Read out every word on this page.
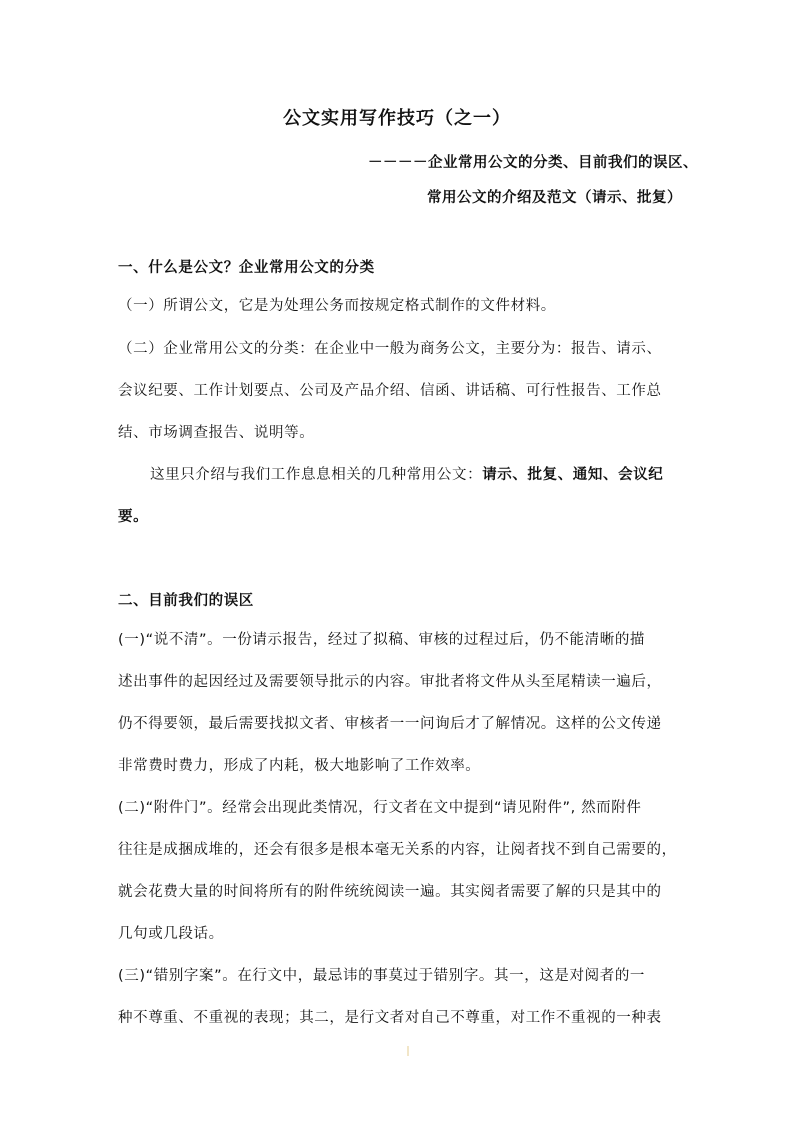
公文实用写作技巧（之一）
－－－－企业常用公文的分类、目前我们的误区、
常用公文的介绍及范文（请示、批复）
一、什么是公文？企业常用公文的分类
（一）所谓公文，它是为处理公务而按规定格式制作的文件材料。
（二）企业常用公文的分类：在企业中一般为商务公文，主要分为：报告、请示、
会议纪要、工作计划要点、公司及产品介绍、信函、讲话稿、可行性报告、工作总
结、市场调查报告、说明等。
这里只介绍与我们工作息息相关的几种常用公文：请示、批复、通知、会议纪
要。
二、目前我们的误区
(一)“说不清”。一份请示报告，经过了拟稿、审核的过程过后，仍不能清晰的描
述出事件的起因经过及需要领导批示的内容。审批者将文件从头至尾精读一遍后，
仍不得要领，最后需要找拟文者、审核者一一问询后才了解情况。这样的公文传递
非常费时费力，形成了内耗，极大地影响了工作效率。
(二)“附件门”。经常会出现此类情况，行文者在文中提到“请见附件”, 然而附件
往往是成捆成堆的，还会有很多是根本毫无关系的内容，让阅者找不到自己需要的，
就会花费大量的时间将所有的附件统统阅读一遍。其实阅者需要了解的只是其中的
几句或几段话。
(三)“错别字案”。在行文中，最忌讳的事莫过于错别字。其一，这是对阅者的一
种不尊重、不重视的表现；其二，是行文者对自己不尊重，对工作不重视的一种表
